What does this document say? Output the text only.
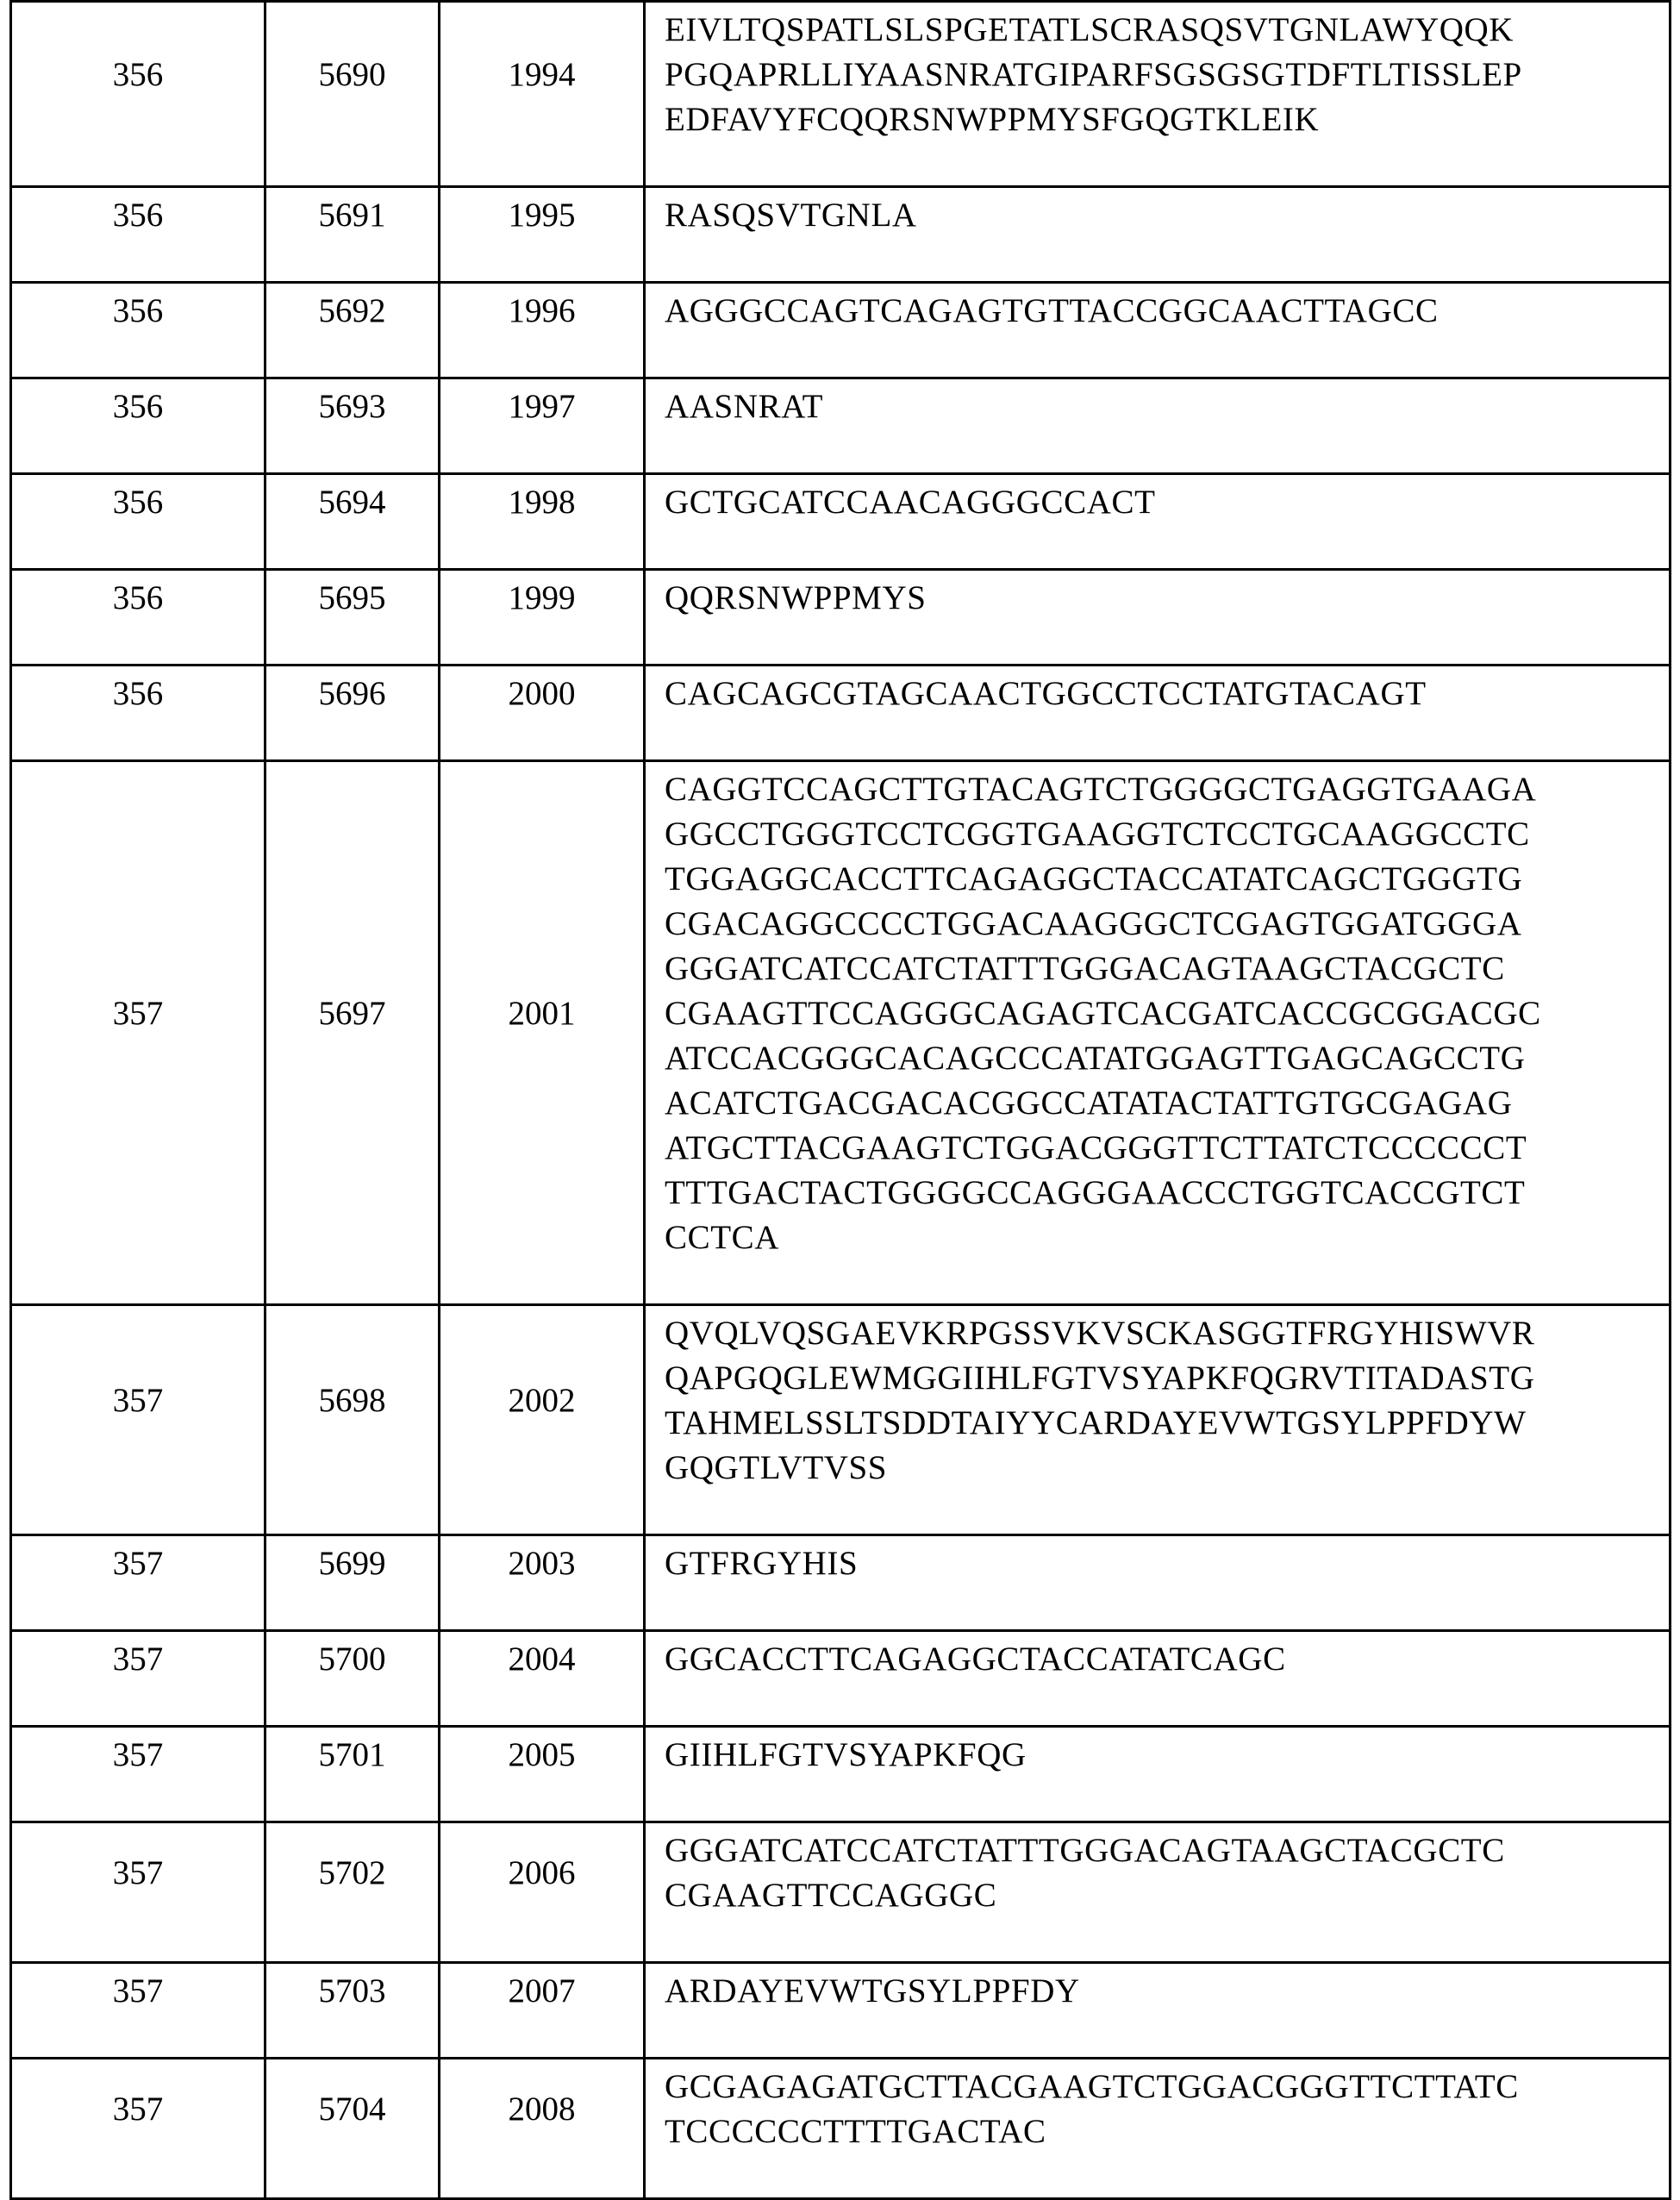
356	5690	1994	
EIVLTQSPATLSLSPGETATLSCRASQSVTGNLAWYQQK
PGQAPRLLIYAASNRATGIPARFSGSGSGTDFTLTISSLEP
EDFAVYFCQQRSNWPPMYSFGQGTKLEIK

356	5691	1995	RASQSVTGNLA

356	5692	1996	AGGGCCAGTCAGAGTGTTACCGGCAACTTAGCC

356	5693	1997	AASNRAT

356	5694	1998	GCTGCATCCAACAGGGCCACT

356	5695	1999	QQRSNWPPMYS

356	5696	2000	CAGCAGCGTAGCAACTGGCCTCCTATGTACAGT

357	5697	2001	
CAGGTCCAGCTTGTACAGTCTGGGGCTGAGGTGAAGA
GGCCTGGGTCCTCGGTGAAGGTCTCCTGCAAGGCCTC
TGGAGGCACCTTCAGAGGCTACCATATCAGCTGGGTG
CGACAGGCCCCTGGACAAGGGCTCGAGTGGATGGGA
GGGATCATCCATCTATTTGGGACAGTAAGCTACGCTC
CGAAGTTCCAGGGCAGAGTCACGATCACCGCGGACGC
ATCCACGGGCACAGCCCATATGGAGTTGAGCAGCCTG
ACATCTGACGACACGGCCATATACTATTGTGCGAGAG
ATGCTTACGAAGTCTGGACGGGTTCTTATCTCCCCCCT
TTTGACTACTGGGGCCAGGGAACCCTGGTCACCGTCT
CCTCA

357	5698	2002	
QVQLVQSGAEVKRPGSSVKVSCKASGGTFRGYHISWVR
QAPGQGLEWMGGIIHLFGTVSYAPKFQGRVTITADASTG
TAHMELSSLTSDDTAIYYCARDAYEVWTGSYLPPFDYW
GQGTLVTVSS

357	5699	2003	GTFRGYHIS

357	5700	2004	GGCACCTTCAGAGGCTACCATATCAGC

357	5701	2005	GIIHLFGTVSYAPKFQG

357	5702	2006	
GGGATCATCCATCTATTTGGGACAGTAAGCTACGCTC
CGAAGTTCCAGGGC

357	5703	2007	ARDAYEVWTGSYLPPFDY

357	5704	2008	
GCGAGAGATGCTTACGAAGTCTGGACGGGTTCTTATC
TCCCCCCTTTTGACTAC
